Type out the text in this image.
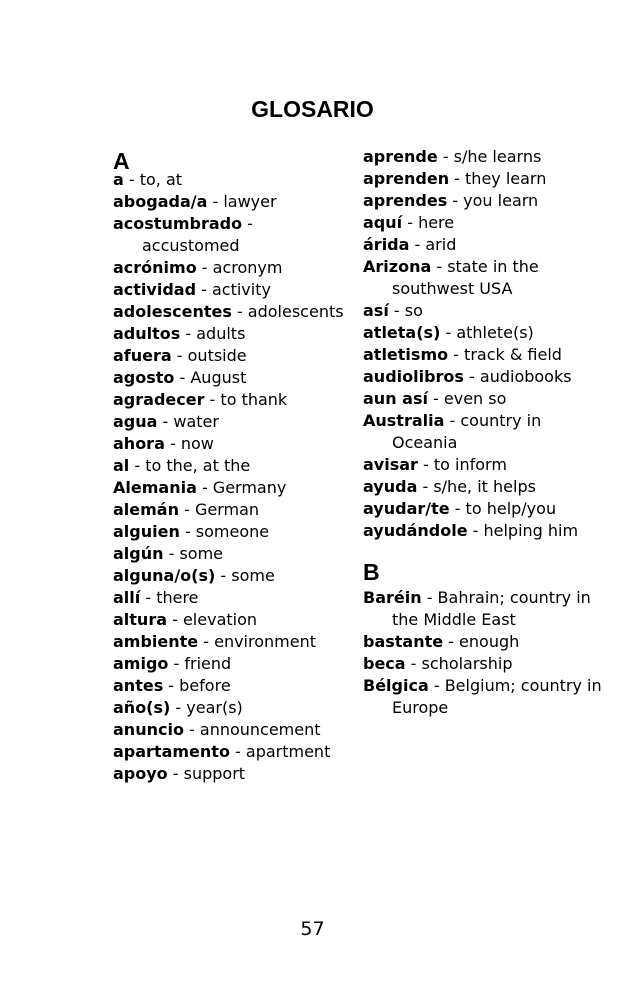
GLOSARIO
A

a - to, at

abogada/a - lawyer

acostumbrado - accustomed

acrónimo - acronym

actividad - activity

adolescentes - adolescents

adultos - adults

afuera - outside

agosto - August

agradecer - to thank

agua - water

ahora - now

al - to the, at the

Alemania - Germany

alemán - German

alguien - someone

algún - some

alguna/o(s) - some

allí - there

altura - elevation

ambiente - environment

amigo - friend

antes - before

año(s) - year(s)

anuncio - announcement

apartamento - apartment

apoyo - support

aprende - s/he learns

aprenden - they learn

aprendes - you learn

aquí - here

árida - arid

Arizona - state in the southwest USA

así - so

atleta(s) - athlete(s)

atletismo - track & field

audiolibros - audiobooks

aun así - even so

Australia - country in Oceania

avisar - to inform

ayuda - s/he, it helps

ayudar/te - to help/you

ayudándole - helping him

B

Baréin - Bahrain; country in the Middle East

bastante - enough

beca - scholarship

Bélgica - Belgium; country in Europe

57
